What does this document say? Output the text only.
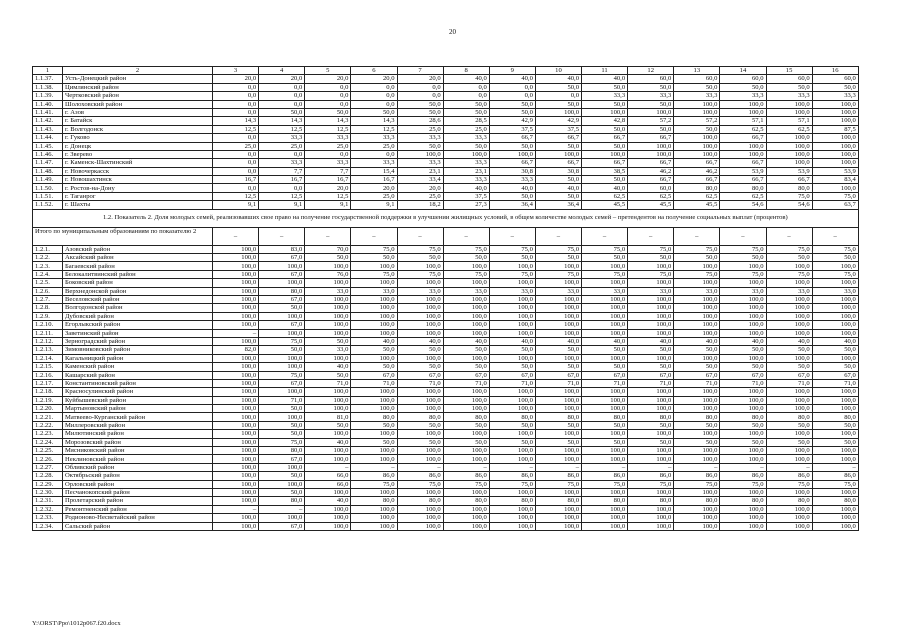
20
1	2	3	4	5	6	7	8	9	10	11	12	13	14	15	16
1.1.37.	Усть-Донецкий район	20,0	20,0	20,0	20,0	20,0	40,0	40,0	40,0	40,0	60,0	60,0	60,0	60,0	60,0
1.1.38.	Цимлянский район	0,0	0,0	0,0	0,0	0,0	0,0	0,0	50,0	50,0	50,0	50,0	50,0	50,0	50,0
1.1.39.	Чертковский район	0,0	0,0	0,0	0,0	0,0	0,0	0,0	0,0	33,3	33,3	33,3	33,3	33,3	33,3
1.1.40.	Шолоховский район	0,0	0,0	0,0	0,0	50,0	50,0	50,0	50,0	50,0	50,0	100,0	100,0	100,0	100,0
1.1.41.	г. Азов	0,0	50,0	50,0	50,0	50,0	50,0	50,0	100,0	100,0	100,0	100,0	100,0	100,0	100,0
1.1.42.	г. Батайск	14,3	14,3	14,3	14,3	28,6	28,5	42,9	42,9	42,8	57,2	57,2	57,1	57,1	100,0
1.1.43.	г. Волгодонск	12,5	12,5	12,5	12,5	25,0	25,0	37,5	37,5	50,0	50,0	50,0	62,5	62,5	87,5
1.1.44.	г. Гуково	0,0	33,3	33,3	33,3	33,3	33,3	66,7	66,7	66,7	66,7	100,0	66,7	100,0	100,0
1.1.45.	г. Донецк	25,0	25,0	25,0	25,0	50,0	50,0	50,0	50,0	50,0	100,0	100,0	100,0	100,0	100,0
1.1.46.	г. Зверево	0,0	0,0	0,0	0,0	100,0	100,0	100,0	100,0	100,0	100,0	100,0	100,0	100,0	100,0
1.1.47.	г. Каменск-Шахтинский	0,0	33,3	33,3	33,3	33,3	33,3	66,7	66,7	66,7	66,7	66,7	66,7	100,0	100,0
1.1.48.	г. Новочеркасск	0,0	7,7	7,7	15,4	23,1	23,1	30,8	30,8	38,5	46,2	46,2	53,9	53,9	53,9
1.1.49.	г. Новошахтинск	16,7	16,7	16,7	16,7	33,4	33,3	33,3	50,0	50,0	66,7	66,7	66,7	66,7	83,4
1.1.50.	г. Ростов-на-Дону	0,0	0,0	20,0	20,0	20,0	40,0	40,0	40,0	40,0	60,0	80,0	80,0	80,0	100,0
1.1.51.	г. Таганрог	12,5	12,5	12,5	25,0	25,0	37,5	50,0	50,0	62,5	62,5	62,5	62,5	75,0	75,0
1.1.52.	г. Шахты	9,1	9,1	9,1	9,1	18,2	27,3	36,4	36,4	45,5	45,5	45,5	54,6	54,6	63,7
1.2. Показатель 2. Доля молодых семей, реализовавших свое право на получение государственной поддержки в улучшении жилищных условий, в общем количестве молодых семей – претендентов на получение социальных выплат (процентов)															
Итого по муниципальным образованиям по показателю 2		–	–	–	–	–	–	–	–	–	–	–	–	–	–
1.2.1.	Азовский район	100,0	83,0	70,0	75,0	75,0	75,0	75,0	75,0	75,0	75,0	75,0	75,0	75,0	75,0
1.2.2.	Аксайский район	100,0	67,0	50,0	50,0	50,0	50,0	50,0	50,0	50,0	50,0	50,0	50,0	50,0	50,0
1.2.3.	Багаевский район	100,0	100,0	100,0	100,0	100,0	100,0	100,0	100,0	100,0	100,0	100,0	100,0	100,0	100,0
1.2.4.	Белокалитвинский район	100,0	67,0	76,0	75,0	75,0	75,0	75,0	75,0	75,0	75,0	75,0	75,0	75,0	75,0
1.2.5.	Боковский район	100,0	100,0	100,0	100,0	100,0	100,0	100,0	100,0	100,0	100,0	100,0	100,0	100,0	100,0
1.2.6.	Верхнедонской район	100,0	80,0	33,0	33,0	33,0	33,0	33,0	33,0	33,0	33,0	33,0	33,0	33,0	33,0
1.2.7.	Веселовский район	100,0	67,0	100,0	100,0	100,0	100,0	100,0	100,0	100,0	100,0	100,0	100,0	100,0	100,0
1.2.8.	Волгодонской район	100,0	50,0	100,0	100,0	100,0	100,0	100,0	100,0	100,0	100,0	100,0	100,0	100,0	100,0
1.2.9.	Дубовский район	100,0	100,0	100,0	100,0	100,0	100,0	100,0	100,0	100,0	100,0	100,0	100,0	100,0	100,0
1.2.10.	Егорлыкский район	100,0	67,0	100,0	100,0	100,0	100,0	100,0	100,0	100,0	100,0	100,0	100,0	100,0	100,0
1.2.11.	Заветинский район	–	100,0	100,0	100,0	100,0	100,0	100,0	100,0	100,0	100,0	100,0	100,0	100,0	100,0
1.2.12.	Зерноградский район	100,0	75,0	50,0	40,0	40,0	40,0	40,0	40,0	40,0	40,0	40,0	40,0	40,0	40,0
1.2.13.	Зимовниковский район	82,0	50,0	33,0	50,0	50,0	50,0	50,0	50,0	50,0	50,0	50,0	50,0	50,0	50,0
1.2.14.	Кагальницкий район	100,0	100,0	100,0	100,0	100,0	100,0	100,0	100,0	100,0	100,0	100,0	100,0	100,0	100,0
1.2.15.	Каменский район	100,0	100,0	40,0	50,0	50,0	50,0	50,0	50,0	50,0	50,0	50,0	50,0	50,0	50,0
1.2.16.	Кашарский район	100,0	75,0	50,0	67,0	67,0	67,0	67,0	67,0	67,0	67,0	67,0	67,0	67,0	67,0
1.2.17.	Константиновский район	100,0	67,0	71,0	71,0	71,0	71,0	71,0	71,0	71,0	71,0	71,0	71,0	71,0	71,0
1.2.18.	Красносулинский район	100,0	100,0	100,0	100,0	100,0	100,0	100,0	100,0	100,0	100,0	100,0	100,0	100,0	100,0
1.2.19.	Куйбышевский район	100,0	71,0	100,0	100,0	100,0	100,0	100,0	100,0	100,0	100,0	100,0	100,0	100,0	100,0
1.2.20.	Мартыновский район	100,0	50,0	100,0	100,0	100,0	100,0	100,0	100,0	100,0	100,0	100,0	100,0	100,0	100,0
1.2.21.	Матвеево-Курганский район	100,0	100,0	81,0	80,0	80,0	80,0	80,0	80,0	80,0	80,0	80,0	80,0	80,0	80,0
1.2.22.	Миллеровский район	100,0	50,0	50,0	50,0	50,0	50,0	50,0	50,0	50,0	50,0	50,0	50,0	50,0	50,0
1.2.23.	Милютинский район	100,0	50,0	100,0	100,0	100,0	100,0	100,0	100,0	100,0	100,0	100,0	100,0	100,0	100,0
1.2.24.	Морозовский район	100,0	75,0	40,0	50,0	50,0	50,0	50,0	50,0	50,0	50,0	50,0	50,0	50,0	50,0
1.2.25.	Мясниковский район	100,0	80,0	100,0	100,0	100,0	100,0	100,0	100,0	100,0	100,0	100,0	100,0	100,0	100,0
1.2.26.	Неклиновский район	100,0	67,0	100,0	100,0	100,0	100,0	100,0	100,0	100,0	100,0	100,0	100,0	100,0	100,0
1.2.27.	Обливский район	100,0	100,0	–	–	–	–	–	–	–	–	–	–	–	–
1.2.28.	Октябрьский район	100,0	50,0	66,0	86,0	86,0	86,0	86,0	86,0	86,0	86,0	86,0	86,0	86,0	86,0
1.2.29.	Орловский район	100,0	100,0	66,0	75,0	75,0	75,0	75,0	75,0	75,0	75,0	75,0	75,0	75,0	75,0
1.2.30.	Песчанокопский район	100,0	50,0	100,0	100,0	100,0	100,0	100,0	100,0	100,0	100,0	100,0	100,0	100,0	100,0
1.2.31.	Пролетарский район	100,0	80,0	40,0	80,0	80,0	80,0	80,0	80,0	80,0	80,0	80,0	80,0	80,0	80,0
1.2.32.	Ремонтненский район	–	–	100,0	100,0	100,0	100,0	100,0	100,0	100,0	100,0	100,0	100,0	100,0	100,0
1.2.33.	Родионово-Несветайский район	100,0	100,0	100,0	100,0	100,0	100,0	100,0	100,0	100,0	100,0	100,0	100,0	100,0	100,0
1.2.34.	Сальский район	100,0	67,0	100,0	100,0	100,0	100,0	100,0	100,0	100,0	100,0	100,0	100,0	100,0	100,0
Y:\ORST\Ppo\1012p067.f20.docx
